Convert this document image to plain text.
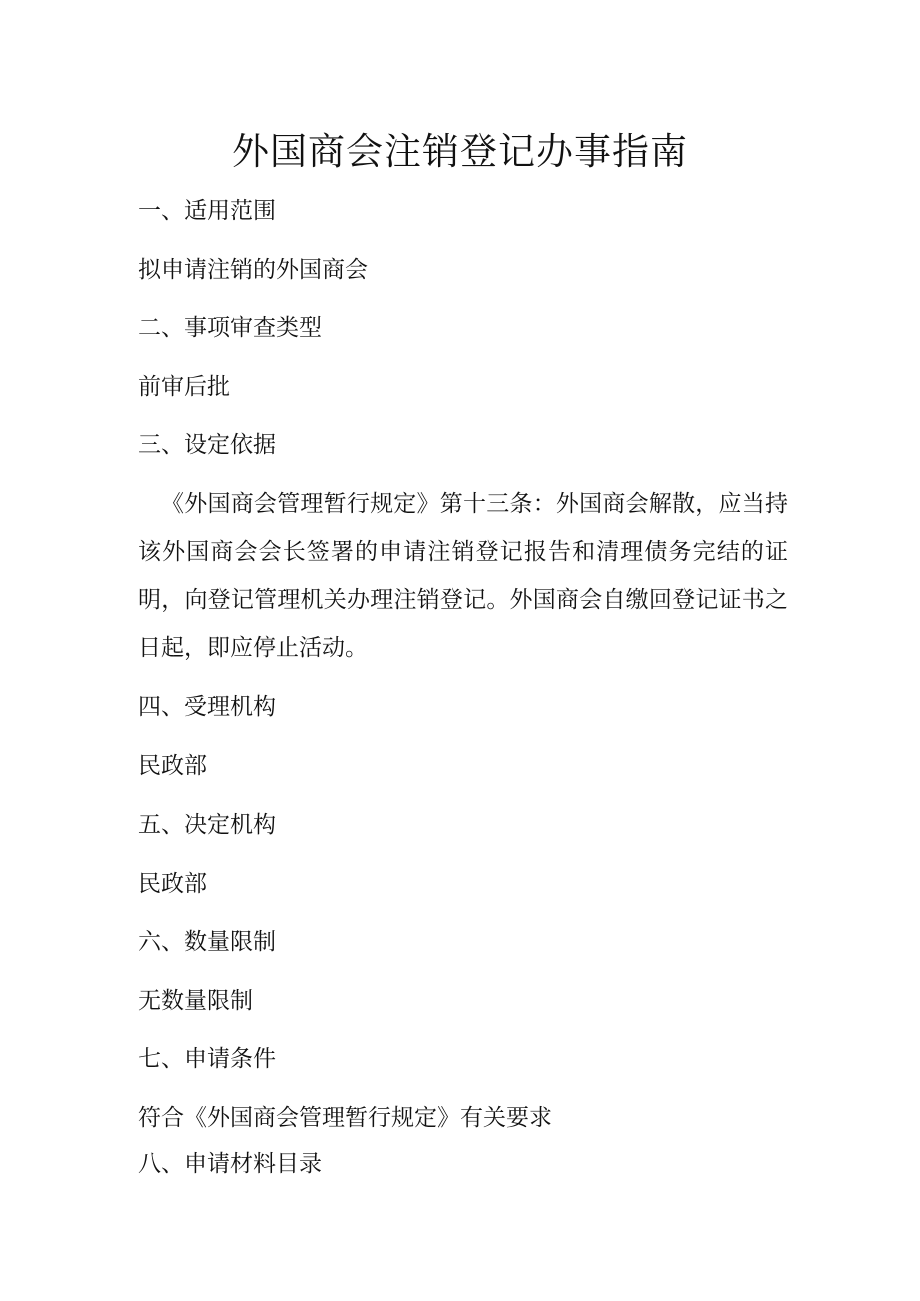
外国商会注销登记办事指南
一、适用范围
拟申请注销的外国商会
二、事项审查类型
前审后批
三、设定依据
《外国商会管理暂行规定》第十三条：外国商会解散，应当持该外国商会会长签署的申请注销登记报告和清理债务完结的证明，向登记管理机关办理注销登记。外国商会自缴回登记证书之日起，即应停止活动。
四、受理机构
民政部
五、决定机构
民政部
六、数量限制
无数量限制
七、申请条件
符合《外国商会管理暂行规定》有关要求
八、申请材料目录
